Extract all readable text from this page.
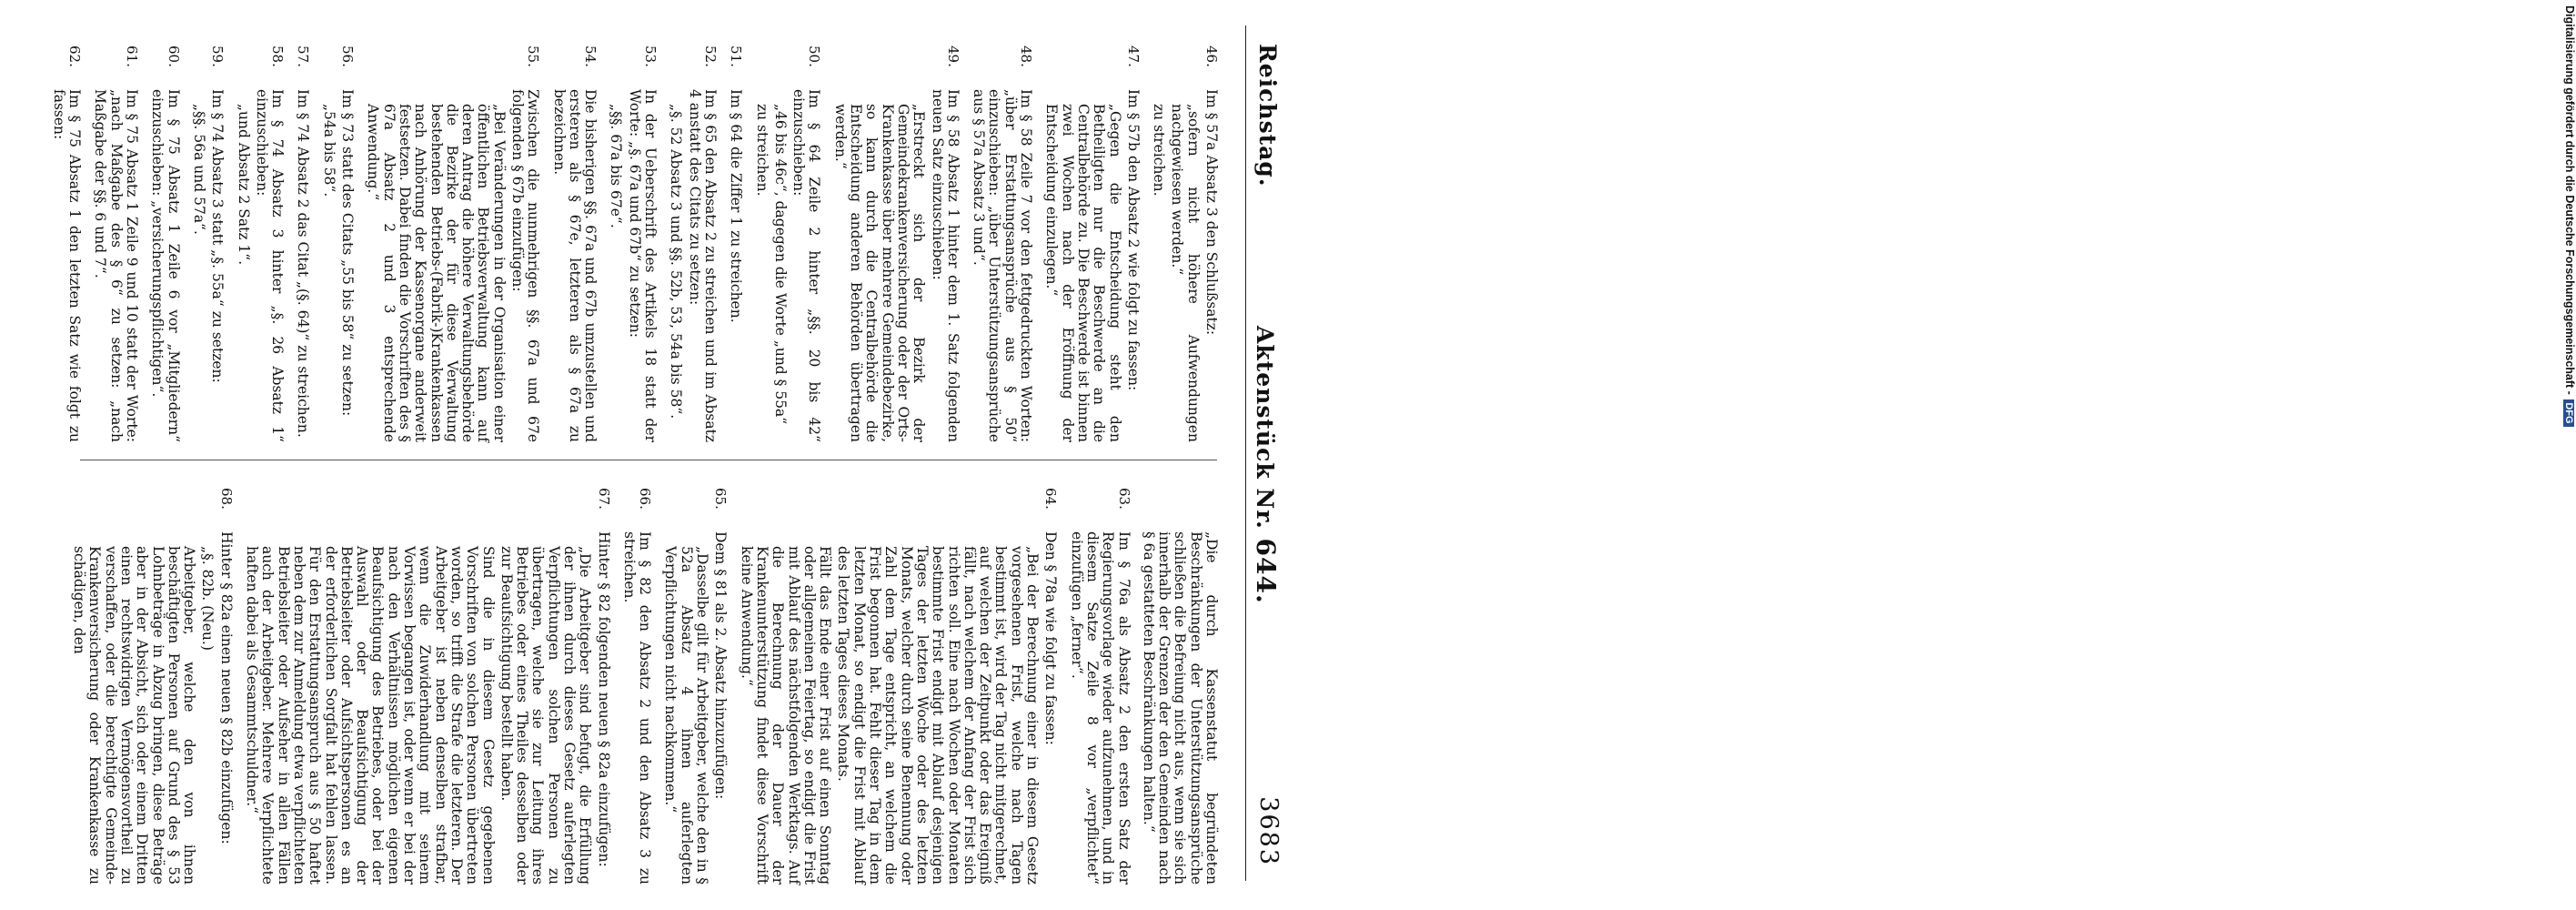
Reichstag.
Aktenstück Nr. 644.
3683
46.
Im § 57a Absatz 3 den Schlußsatz:
„sofern nicht höhere Aufwendungen nachgewiesen werden.“
zu streichen.
47.
Im § 57b den Absatz 2 wie folgt zu fassen:
„Gegen die Entscheidung steht den Betheiligten nur die Beschwerde an die Centralbehörde zu. Die Beschwerde ist binnen zwei Wochen nach der Eröffnung der Entscheidung einzulegen.“
48.
Im § 58 Zeile 7 vor den fettgedruckten Worten: „über Erstattungsansprüche aus § 50“ einzuschieben: „über Unterstützungsansprüche aus § 57a Absatz 3 und“.
49.
Im § 58 Absatz 1 hinter dem 1. Satz folgenden neuen Satz einzuschieben:
„Erstreckt sich der Bezirk der Gemeindekrankenversicherung oder der Orts-Krankenkasse über mehrere Gemeindebezirke, so kann durch die Centralbehörde die Entscheidung anderen Behörden übertragen werden.“
50.
Im § 64 Zeile 2 hinter „§§. 20 bis 42“ einzuschieben:
„46 bis 46c“, dagegen die Worte „und § 55a“
zu streichen.
51.
Im § 64 die Ziffer 1 zu streichen.
52.
Im § 65 den Absatz 2 zu streichen und im Absatz 4 anstatt des Citats zu setzen:
„§. 52 Absatz 3 und §§. 52b, 53, 54a bis 58“.
53.
In der Ueberschrift des Artikels 18 statt der Worte: „§. 67a und 67b“ zu setzen:
„§§. 67a bis 67e“.
54.
Die bisherigen §§. 67a und 67b umzustellen und ersteren als § 67e, letzteren als § 67a zu bezeichnen.
55.
Zwischen die nunmehrigen §§. 67a und 67e folgenden § 67b einzufügen:
„Bei Veränderungen in der Organisation einer öffentlichen Betriebsverwaltung kann auf deren Antrag die höhere Verwaltungsbehörde die Bezirke der für diese Verwaltung bestehenden Betriebs-(Fabrik-)Krankenkassen nach Anhörung der Kassenorgane anderweit festsetzen. Dabei finden die Vorschriften des § 67a Absatz 2 und 3 entsprechende Anwendung.“
56.
Im § 73 statt des Citats „55 bis 58“ zu setzen:
„54a bis 58“.
57.
Im § 74 Absatz 2 das Citat „(§. 64)“ zu streichen.
58.
Im § 74 Absatz 3 hinter „§. 26 Absatz 1“ einzuschieben:
„und Absatz 2 Satz 1“.
59.
Im § 74 Absatz 3 statt „§. 55a“ zu setzen:
„§§. 56a und 57a“.
60.
Im § 75 Absatz 1 Zeile 6 vor „Mitgliedern“ einzuschieben: „versicherungspflichtigen“.
61.
Im § 75 Absatz 1 Zeile 9 und 10 statt der Worte: „nach Maßgabe des § 6“ zu setzen: „nach Maßgabe der §§. 6 und 7“.
62.
Im § 75 Absatz 1 den letzten Satz wie folgt zu fassen:
„Die durch Kassenstatut begründeten Beschränkungen der Unterstützungsansprüche schließen die Befreiung nicht aus, wenn sie sich innerhalb der Grenzen der den Gemeinden nach § 6a gestatteten Beschränkungen halten.“
63.
Im § 76a als Absatz 2 den ersten Satz der Regierungsvorlage wieder aufzunehmen, und in diesem Satze Zeile 8 vor „verpflichtet“ einzufügen „ferner“.
64.
Den § 78a wie folgt zu fassen:
„Bei der Berechnung einer in diesem Gesetz vorgesehenen Frist, welche nach Tagen bestimmt ist, wird der Tag nicht mitgerechnet, auf welchen der Zeitpunkt oder das Ereigniß fällt, nach welchem der Anfang der Frist sich richten soll. Eine nach Wochen oder Monaten bestimmte Frist endigt mit Ablauf desjenigen Tages der letzten Woche oder des letzten Monats, welcher durch seine Benennung oder Zahl dem Tage entspricht, an welchem die Frist begonnen hat. Fehlt dieser Tag in dem letzten Monat, so endigt die Frist mit Ablauf des letzten Tages dieses Monats.
Fällt das Ende einer Frist auf einen Sonntag oder allgemeinen Feiertag, so endigt die Frist mit Ablauf des nächstfolgenden Werktags. Auf die Berechnung der Dauer der Krankenunterstützung findet diese Vorschrift keine Anwendung.“
65.
Dem § 81 als 2. Absatz hinzuzufügen:
„Dasselbe gilt für Arbeitgeber, welche den in § 52a Absatz 4 ihnen auferlegten Verpflichtungen nicht nachkommen.“
66.
Im § 82 den Absatz 2 und den Absatz 3 zu streichen.
67.
Hinter § 82 folgenden neuen § 82a einzufügen:
„Die Arbeitgeber sind befugt, die Erfüllung der ihnen durch dieses Gesetz auferlegten Verpflichtungen solchen Personen zu übertragen, welche sie zur Leitung ihres Betriebes oder eines Theiles desselben oder zur Beaufsichtigung bestellt haben.
Sind die in diesem Gesetz gegebenen Vorschriften von solchen Personen übertreten worden, so trifft die Strafe die letzteren. Der Arbeitgeber ist neben denselben strafbar, wenn die Zuwiderhandlung mit seinem Vorwissen begangen ist, oder wenn er bei der nach den Verhältnissen möglichen eigenen Beaufsichtigung des Betriebes, oder bei der Auswahl oder Beaufsichtigung der Betriebsleiter oder Aufsichtspersonen es an der erforderlichen Sorgfalt hat fehlen lassen. Für den Erstattungsanspruch aus § 50 haftet neben dem zur Anmeldung etwa verpflichteten Betriebsleiter oder Aufseher in allen Fällen auch der Arbeitgeber. Mehrere Verpflichtete haften dabei als Gesammtschuldner.“
68.
Hinter § 82a einen neuen § 82b einzufügen:
„§. 82b. (Neu.)
Arbeitgeber, welche den von ihnen beschäftigten Personen auf Grund des § 53 Lohnbeträge in Abzug bringen, diese Beträge aber in der Absicht, sich oder einem Dritten einen rechtswidrigen Vermögensvortheil zu verschaffen, oder die berechtigte Gemeinde-Krankenversicherung oder Krankenkasse zu schädigen, den
Digitalisierung gefördert durch die Deutsche Forschungsgemeinschaft - DFG
